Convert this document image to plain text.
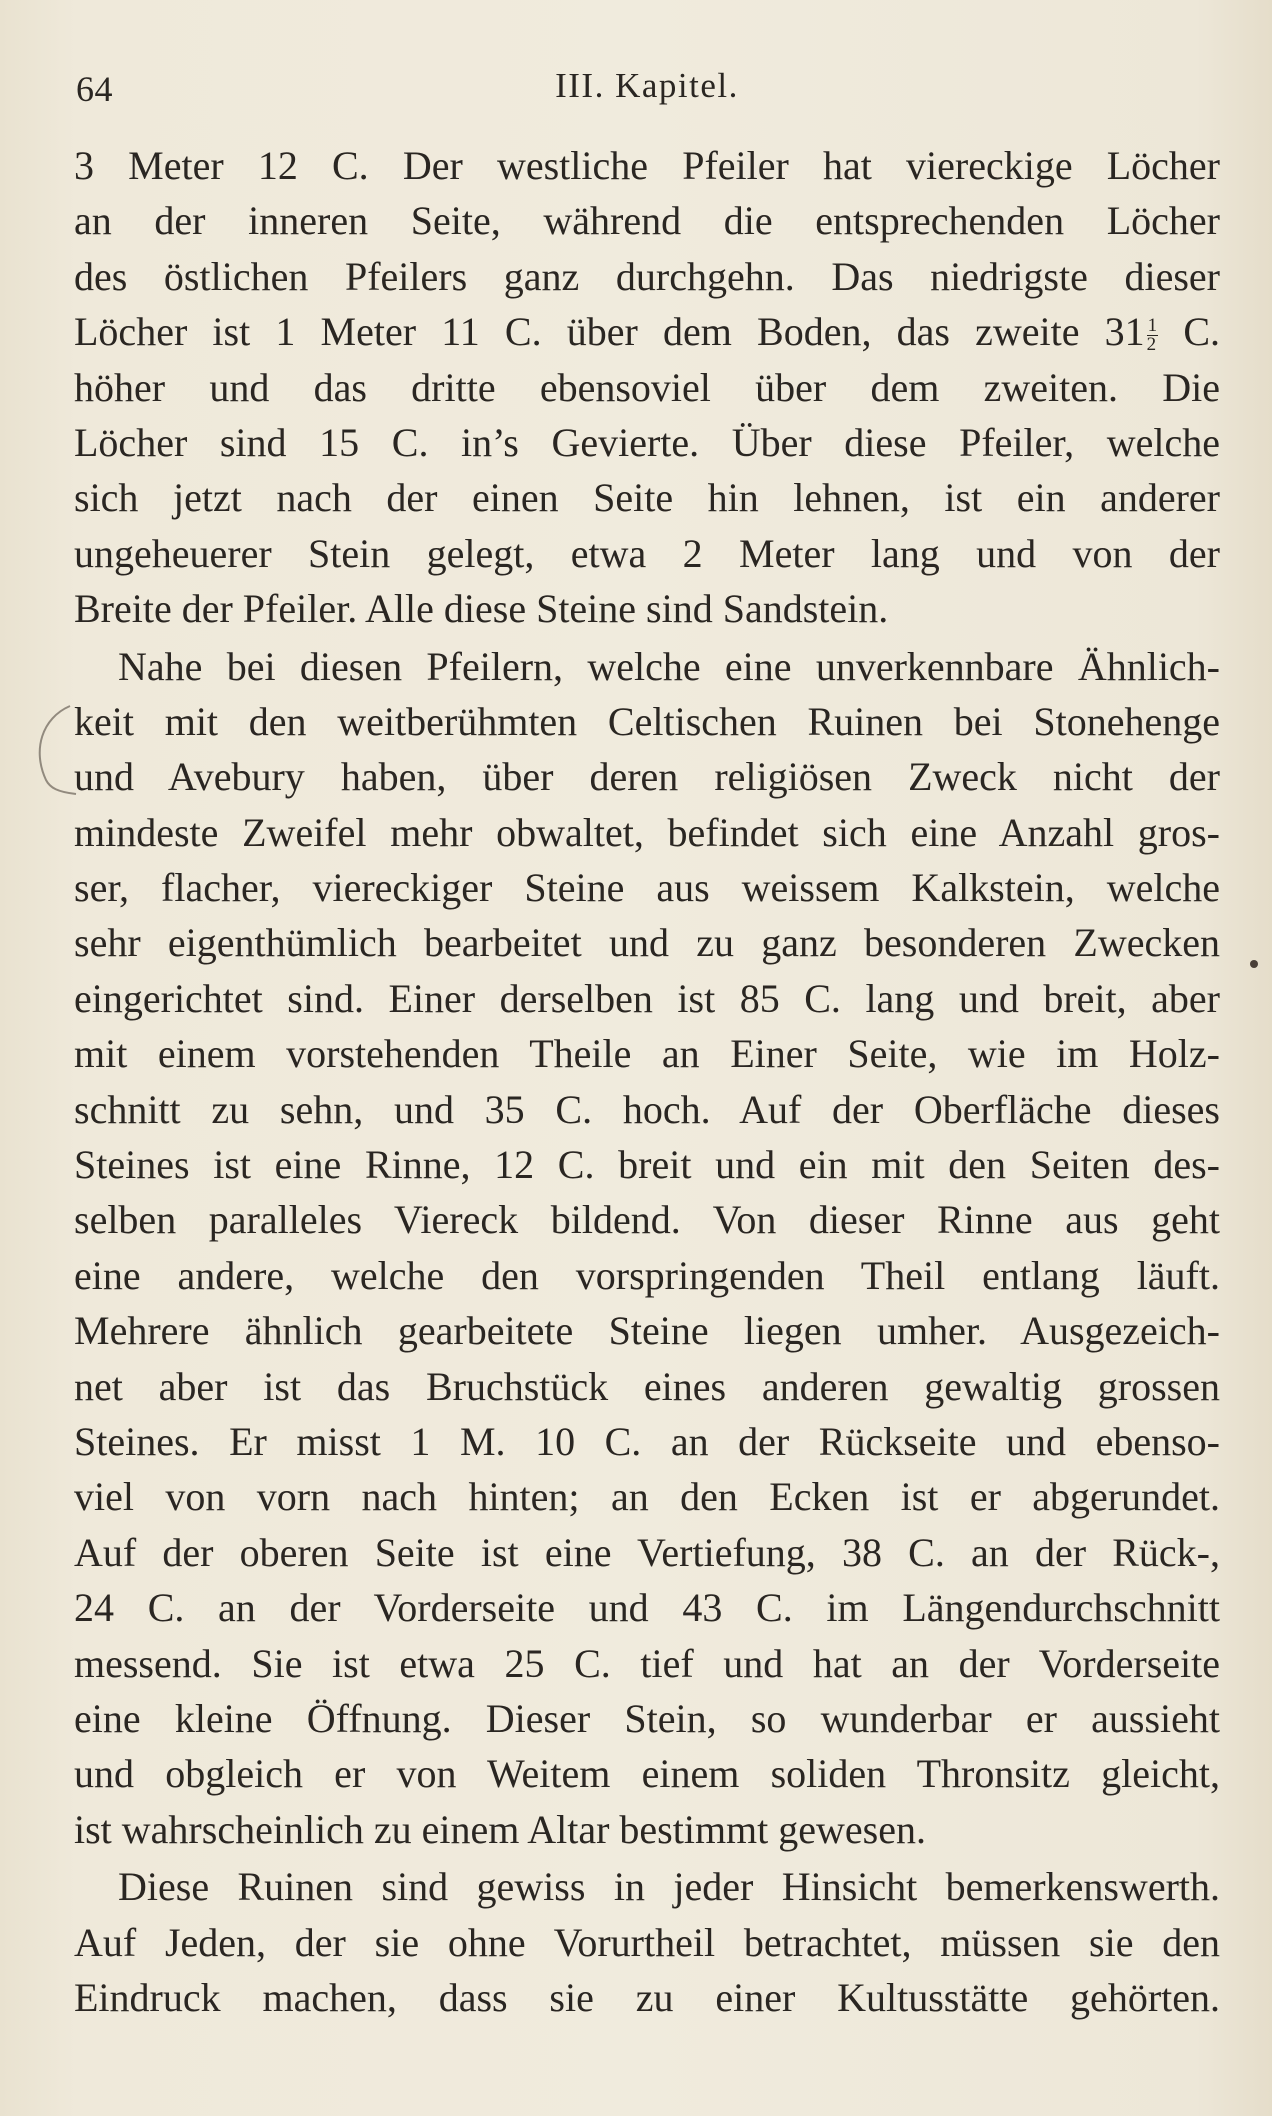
64	III. Kapitel.
3 Meter 12 C. Der westliche Pfeiler hat viereckige Löcher
an der inneren Seite, während die entsprechenden Löcher
des östlichen Pfeilers ganz durchgehn. Das niedrigste dieser
Löcher ist 1 Meter 11 C. über dem Boden, das zweite $31 \frac{1}{2} C$.
höher und das dritte ebensoviel über dem zweiten. Die
Löcher sind 15 C. in’s Gevierte. Über diese Pfeiler, welche
sich jetzt nach der einen Seite hin lehnen, ist ein anderer
ungeheuerer Stein gelegt, etwa 2 Meter lang und von der
Breite der Pfeiler. Alle diese Steine sind Sandstein.
Nahe bei diesen Pfeilern, welche eine unverkennbare Ähnlich-
keit mit den weitberühmten Celtischen Ruinen bei Stonehenge
und Avebury haben, über deren religiösen Zweck nicht der
mindeste Zweifel mehr obwaltet, befindet sich eine Anzahl gros-
ser, flacher, viereckiger Steine aus weissem Kalkstein, welche
sehr eigenthümlich bearbeitet und zu ganz besonderen Zwecken
eingerichtet sind. Einer derselben ist 85 C. lang und breit, aber
mit einem vorstehenden Theile an Einer Seite, wie im Holz-
schnitt zu sehn, und 35 C. hoch. Auf der Oberfläche dieses
Steines ist eine Rinne, 12 C. breit und ein mit den Seiten des-
selben paralleles Viereck bildend. Von dieser Rinne aus geht
eine andere, welche den vorspringenden Theil entlang läuft.
Mehrere ähnlich gearbeitete Steine liegen umher. Ausgezeich-
net aber ist das Bruchstück eines anderen gewaltig grossen
Steines. Er misst 1 M. 10 C. an der Rückseite und ebenso-
viel von vorn nach hinten; an den Ecken ist er abgerundet.
Auf der oberen Seite ist eine Vertiefung, 38 C. an der Rück-,
24 C. an der Vorderseite und 43 C. im Längendurchschnitt
messend. Sie ist etwa 25 C. tief und hat an der Vorderseite
eine kleine Öffnung. Dieser Stein, so wunderbar er aussieht
und obgleich er von Weitem einem soliden Thronsitz gleicht,
ist wahrscheinlich zu einem Altar bestimmt gewesen.
Diese Ruinen sind gewiss in jeder Hinsicht bemerkenswerth.
Auf Jeden, der sie ohne Vorurtheil betrachtet, müssen sie den
Eindruck machen, dass sie zu einer Kultusstätte gehörten.
